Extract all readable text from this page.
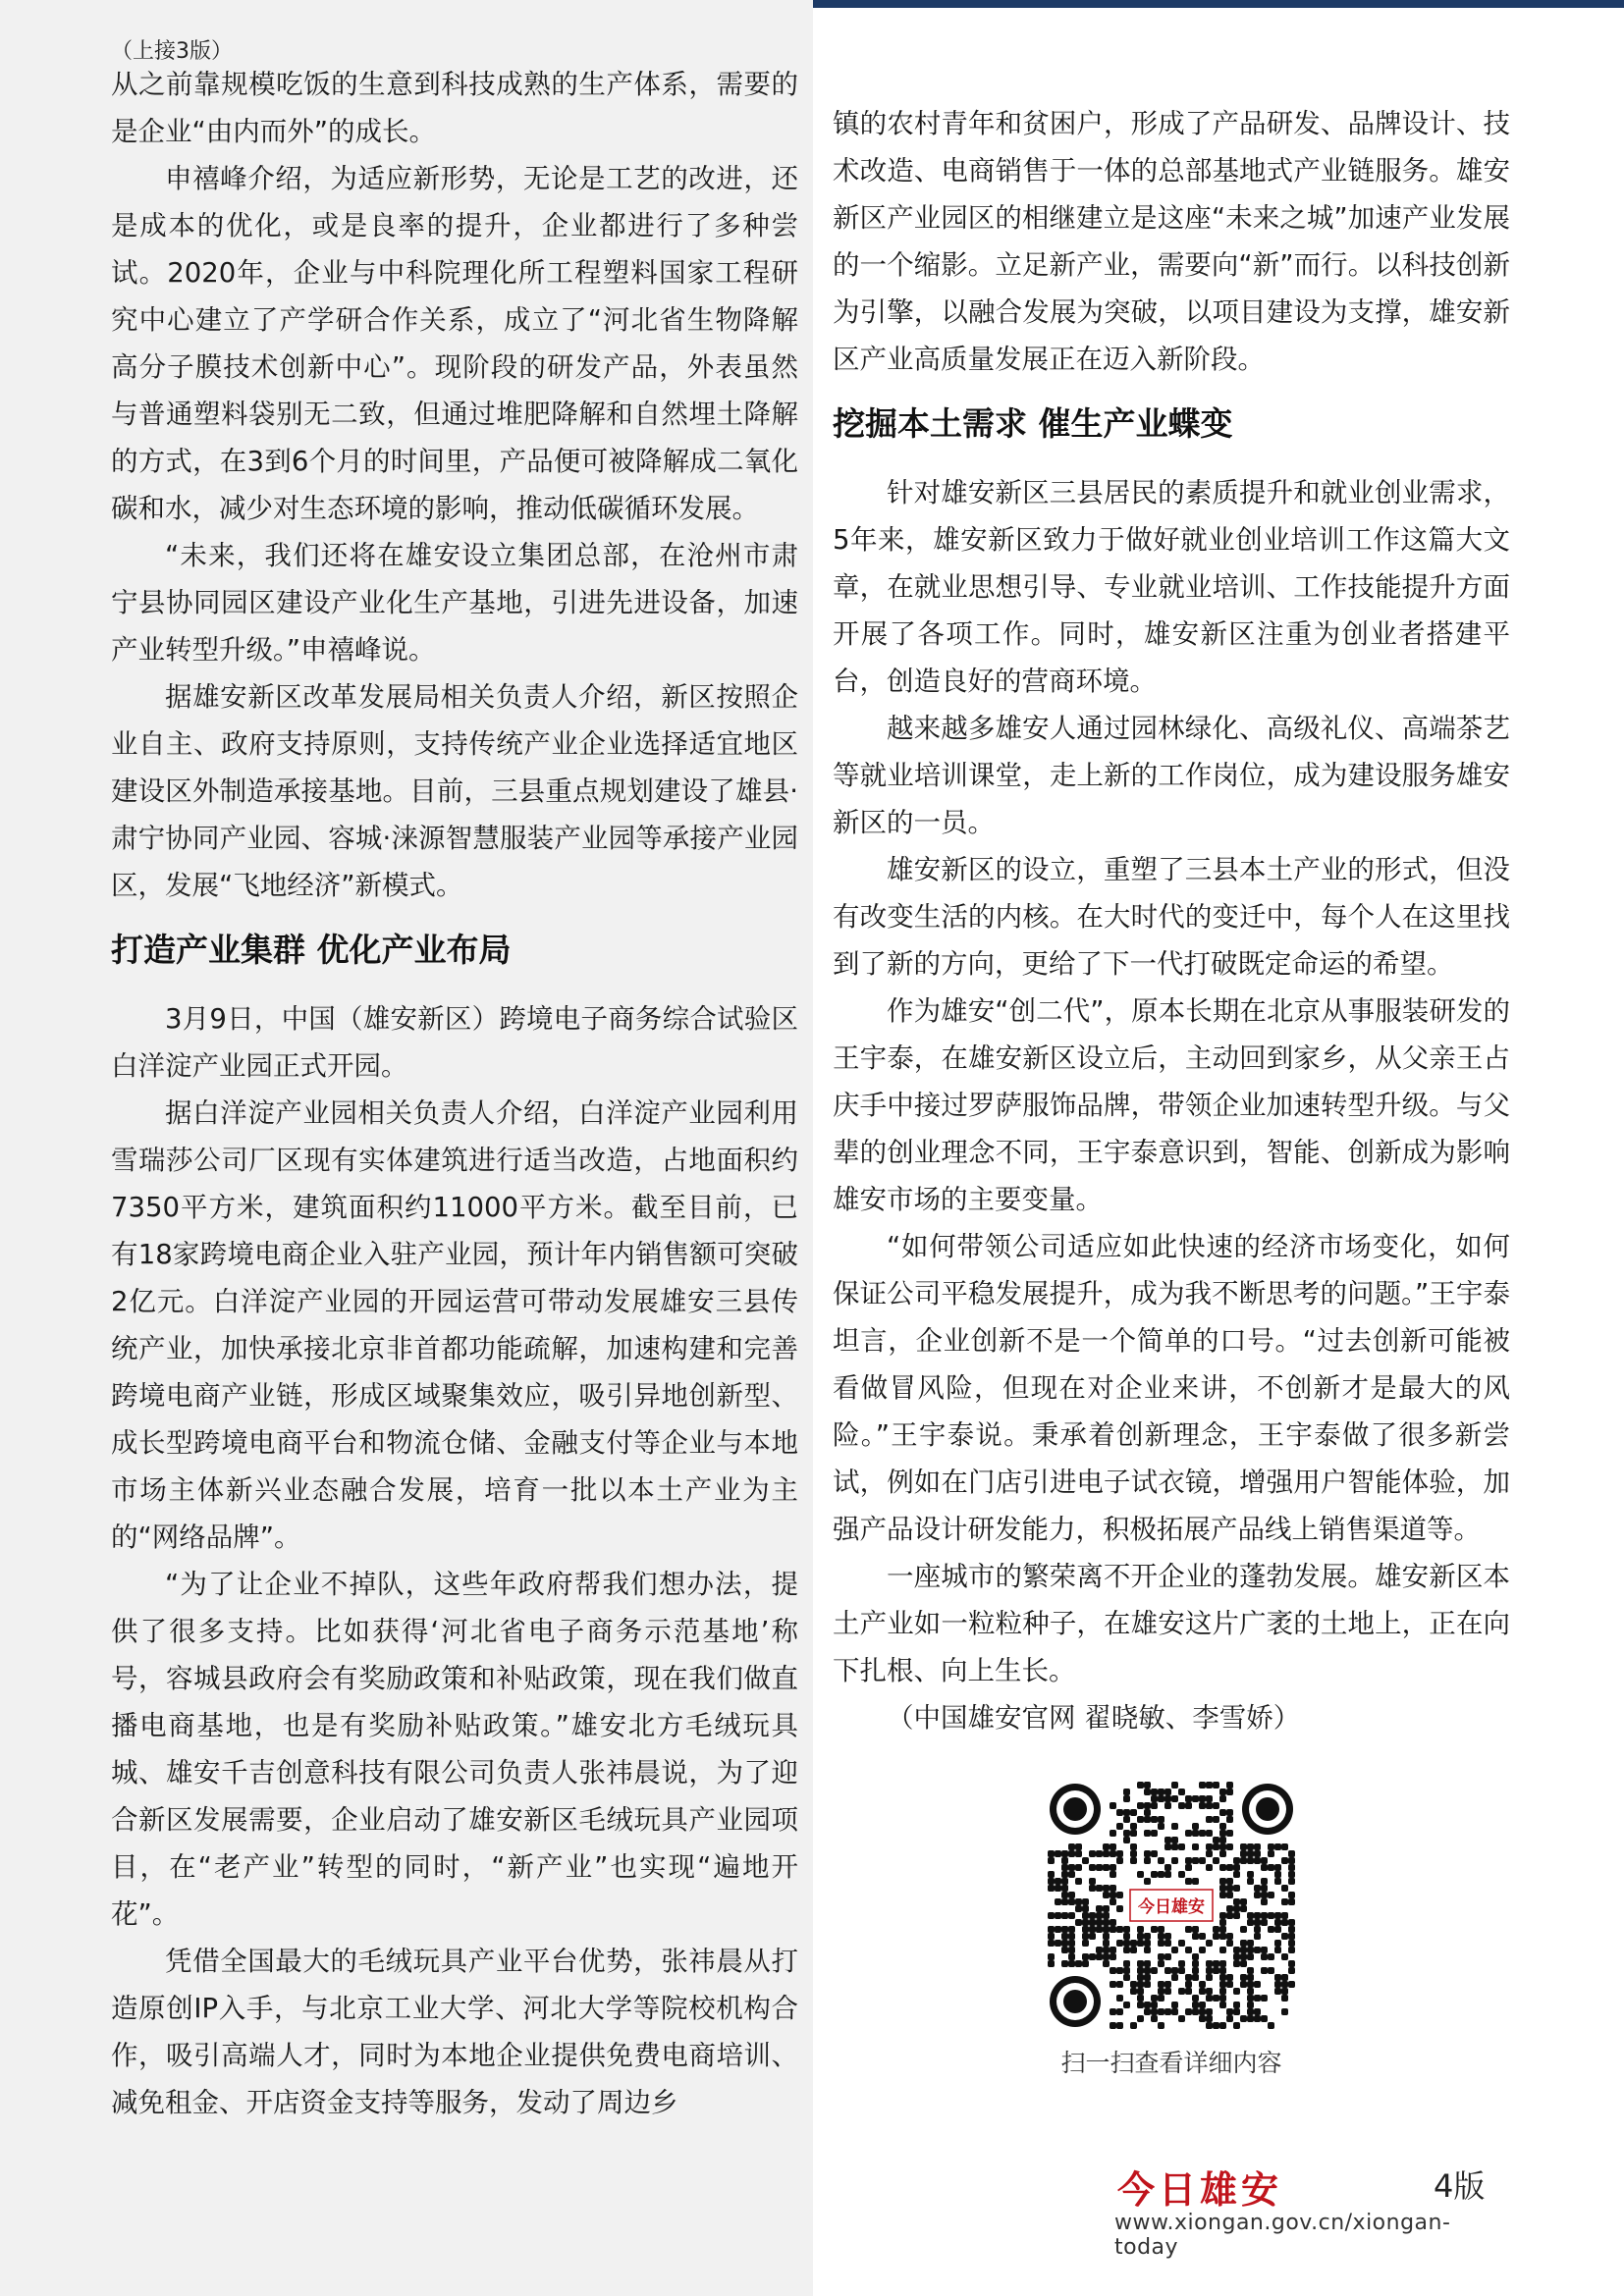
（上接3版）

从之前靠规模吃饭的生意到科技成熟的生产体系，需要的是企业“由内而外”的成长。

申禧峰介绍，为适应新形势，无论是工艺的改进，还是成本的优化，或是良率的提升，企业都进行了多种尝试。2020年，企业与中科院理化所工程塑料国家工程研究中心建立了产学研合作关系，成立了“河北省生物降解高分子膜技术创新中心”。现阶段的研发产品，外表虽然与普通塑料袋别无二致，但通过堆肥降解和自然埋土降解的方式，在3到6个月的时间里，产品便可被降解成二氧化碳和水，减少对生态环境的影响，推动低碳循环发展。

“未来，我们还将在雄安设立集团总部，在沧州市肃宁县协同园区建设产业化生产基地，引进先进设备，加速产业转型升级。”申禧峰说。

据雄安新区改革发展局相关负责人介绍，新区按照企业自主、政府支持原则，支持传统产业企业选择适宜地区建设区外制造承接基地。目前，三县重点规划建设了雄县·肃宁协同产业园、容城·涞源智慧服装产业园等承接产业园区，发展“飞地经济”新模式。

打造产业集群 优化产业布局

3月9日，中国（雄安新区）跨境电子商务综合试验区白洋淀产业园正式开园。

据白洋淀产业园相关负责人介绍，白洋淀产业园利用雪瑞莎公司厂区现有实体建筑进行适当改造，占地面积约7350平方米，建筑面积约11000平方米。截至目前，已有18家跨境电商企业入驻产业园，预计年内销售额可突破2亿元。白洋淀产业园的开园运营可带动发展雄安三县传统产业，加快承接北京非首都功能疏解，加速构建和完善跨境电商产业链，形成区域聚集效应，吸引异地创新型、成长型跨境电商平台和物流仓储、金融支付等企业与本地市场主体新兴业态融合发展，培育一批以本土产业为主的“网络品牌”。

“为了让企业不掉队，这些年政府帮我们想办法，提供了很多支持。比如获得‘河北省电子商务示范基地’称号，容城县政府会有奖励政策和补贴政策，现在我们做直播电商基地，也是有奖励补贴政策。”雄安北方毛绒玩具城、雄安千吉创意科技有限公司负责人张祎晨说，为了迎合新区发展需要，企业启动了雄安新区毛绒玩具产业园项目，在“老产业”转型的同时，“新产业”也实现“遍地开花”。

凭借全国最大的毛绒玩具产业平台优势，张祎晨从打造原创IP入手，与北京工业大学、河北大学等院校机构合作，吸引高端人才，同时为本地企业提供免费电商培训、减免租金、开店资金支持等服务，发动了周边乡

镇的农村青年和贫困户，形成了产品研发、品牌设计、技术改造、电商销售于一体的总部基地式产业链服务。雄安新区产业园区的相继建立是这座“未来之城”加速产业发展的一个缩影。立足新产业，需要向“新”而行。以科技创新为引擎，以融合发展为突破，以项目建设为支撑，雄安新区产业高质量发展正在迈入新阶段。

挖掘本土需求 催生产业蝶变

针对雄安新区三县居民的素质提升和就业创业需求，5年来，雄安新区致力于做好就业创业培训工作这篇大文章，在就业思想引导、专业就业培训、工作技能提升方面开展了各项工作。同时，雄安新区注重为创业者搭建平台，创造良好的营商环境。

越来越多雄安人通过园林绿化、高级礼仪、高端茶艺等就业培训课堂，走上新的工作岗位，成为建设服务雄安新区的一员。

雄安新区的设立，重塑了三县本土产业的形式，但没有改变生活的内核。在大时代的变迁中，每个人在这里找到了新的方向，更给了下一代打破既定命运的希望。

作为雄安“创二代”，原本长期在北京从事服装研发的王宇泰，在雄安新区设立后，主动回到家乡，从父亲王占庆手中接过罗萨服饰品牌，带领企业加速转型升级。与父辈的创业理念不同，王宇泰意识到，智能、创新成为影响雄安市场的主要变量。

“如何带领公司适应如此快速的经济市场变化，如何保证公司平稳发展提升，成为我不断思考的问题。”王宇泰坦言，企业创新不是一个简单的口号。“过去创新可能被看做冒风险，但现在对企业来讲，不创新才是最大的风险。”王宇泰说。秉承着创新理念，王宇泰做了很多新尝试，例如在门店引进电子试衣镜，增强用户智能体验，加强产品设计研发能力，积极拓展产品线上销售渠道等。

一座城市的繁荣离不开企业的蓬勃发展。雄安新区本土产业如一粒粒种子，在雄安这片广袤的土地上，正在向下扎根、向上生长。

（中国雄安官网 翟晓敏、李雪娇）

今日雄安
扫一扫查看详细内容
今日雄安	4版
www.xiongan.gov.cn/xiongan-today
